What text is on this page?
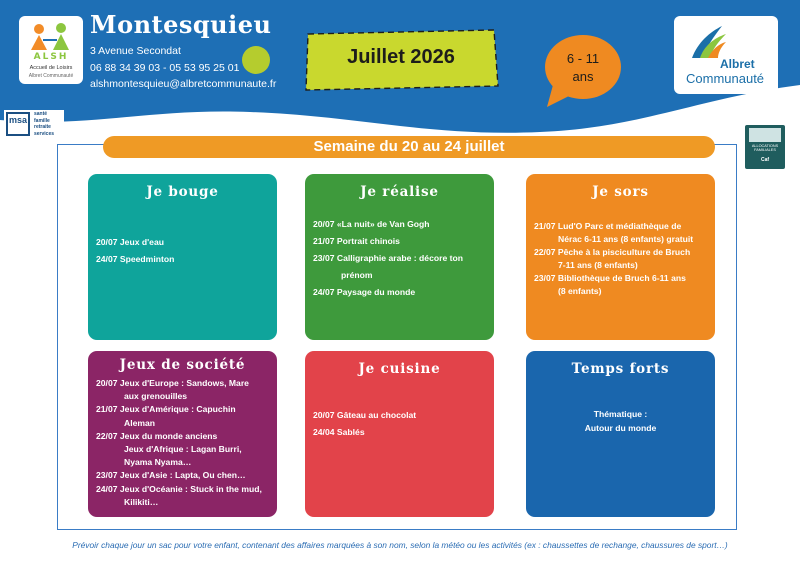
ALSH
Accueil de Loisirs
Albret Communauté
Montesquieu
3 Avenue Secondat
06 88 34 39 03 - 05 53 95 25 01
alshmontesquieu@albretcommunaute.fr
Juillet 2026	6 - 11
ans
Albret
Communauté
msa
santé
famille
retraite
services
ALLOCATIONS FAMILIALES
Caf
Semaine du 20 au 24 juillet
Je bouge
20/07 Jeux d'eau
24/07 Speedminton
Je réalise
20/07 «La nuit» de Van Gogh
21/07 Portrait chinois
23/07 Calligraphie arabe : décore ton
prénom
24/07 Paysage du monde
Je sors
21/07 Lud'O Parc et médiathèque de
Nérac 6-11 ans (8 enfants) gratuit
22/07 Pêche à la pisciculture de Bruch
7-11 ans (8 enfants)
23/07 Bibliothèque de Bruch 6-11 ans
(8 enfants)
Jeux de société
20/07 Jeux d'Europe : Sandows, Mare
aux grenouilles
21/07 Jeux d'Amérique : Capuchin
Aleman
22/07 Jeux du monde anciens
Jeux d'Afrique : Lagan Burri,
Nyama Nyama…
23/07 Jeux d'Asie : Lapta, Ou chen…
24/07 Jeux d'Océanie : Stuck in the mud,
Kilikiti…
Je cuisine
20/07 Gâteau au chocolat
24/04 Sablés
Temps forts
Thématique :
Autour du monde
Prévoir chaque jour un sac pour votre enfant, contenant des affaires marquées à son nom, selon la météo ou les activités (ex : chaussettes de rechange, chaussures de sport…)
